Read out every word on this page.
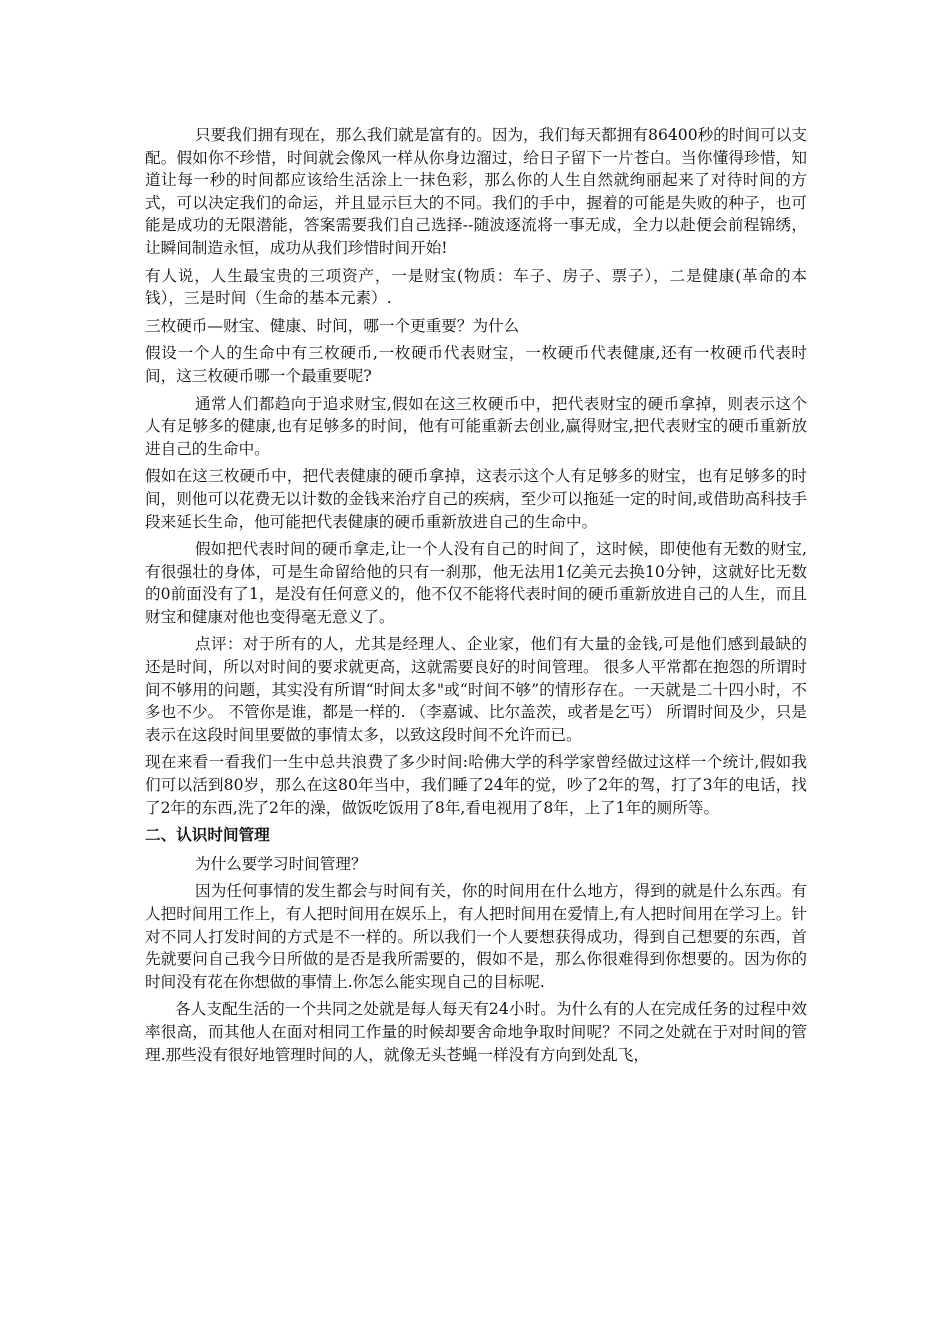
只要我们拥有现在，那么我们就是富有的。因为，我们每天都拥有86400秒的时间可以支配。假如你不珍惜，时间就会像风一样从你身边溜过，给日子留下一片苍白。当你懂得珍惜，知道让每一秒的时间都应该给生活涂上一抹色彩，那么你的人生自然就绚丽起来了对待时间的方式，可以决定我们的命运，并且显示巨大的不同。我们的手中，握着的可能是失败的种子，也可能是成功的无限潜能，答案需要我们自己选择--随波逐流将一事无成，全力以赴便会前程锦绣，让瞬间制造永恒，成功从我们珍惜时间开始!

有人说，人生最宝贵的三项资产，一是财宝(物质：车子、房子、票子），二是健康(革命的本钱），三是时间（生命的基本元素）.

三枚硬币—财宝、健康、时间，哪一个更重要？为什么

假设一个人的生命中有三枚硬币,一枚硬币代表财宝，一枚硬币代表健康,还有一枚硬币代表时间，这三枚硬币哪一个最重要呢?

通常人们都趋向于追求财宝,假如在这三枚硬币中，把代表财宝的硬币拿掉，则表示这个人有足够多的健康,也有足够多的时间，他有可能重新去创业,赢得财宝,把代表财宝的硬币重新放进自己的生命中。

假如在这三枚硬币中，把代表健康的硬币拿掉，这表示这个人有足够多的财宝，也有足够多的时间，则他可以花费无以计数的金钱来治疗自己的疾病，至少可以拖延一定的时间,或借助高科技手段来延长生命，他可能把代表健康的硬币重新放进自己的生命中。

假如把代表时间的硬币拿走,让一个人没有自己的时间了，这时候，即使他有无数的财宝,有很强壮的身体，可是生命留给他的只有一刹那，他无法用1亿美元去换10分钟，这就好比无数的0前面没有了1，是没有任何意义的，他不仅不能将代表时间的硬币重新放进自己的人生，而且财宝和健康对他也变得毫无意义了。

点评：对于所有的人，尤其是经理人、企业家，他们有大量的金钱,可是他们感到最缺的还是时间，所以对时间的要求就更高，这就需要良好的时间管理。 很多人平常都在抱怨的所谓时间不够用的问题，其实没有所谓“时间太多"或“时间不够”的情形存在。一天就是二十四小时，不多也不少。 不管你是谁，都是一样的. （李嘉诚、比尔盖茨，或者是乞丐） 所谓时间及少，只是表示在这段时间里要做的事情太多，以致这段时间不允许而已。

现在来看一看我们一生中总共浪费了多少时间:哈佛大学的科学家曾经做过这样一个统计,假如我们可以活到80岁，那么在这80年当中，我们睡了24年的觉，吵了2年的驾，打了3年的电话，找了2年的东西,洗了2年的澡，做饭吃饭用了8年,看电视用了8年，上了1年的厕所等。

二、认识时间管理

为什么要学习时间管理？

因为任何事情的发生都会与时间有关，你的时间用在什么地方，得到的就是什么东西。有人把时间用工作上，有人把时间用在娱乐上，有人把时间用在爱情上,有人把时间用在学习上。针对不同人打发时间的方式是不一样的。所以我们一个人要想获得成功，得到自己想要的东西，首先就要问自己我今日所做的是否是我所需要的，假如不是，那么你很难得到你想要的。因为你的时间没有花在你想做的事情上.你怎么能实现自己的目标呢.

各人支配生活的一个共同之处就是每人每天有24小时。为什么有的人在完成任务的过程中效率很高，而其他人在面对相同工作量的时候却要舍命地争取时间呢？不同之处就在于对时间的管理.那些没有很好地管理时间的人，就像无头苍蝇一样没有方向到处乱飞，
